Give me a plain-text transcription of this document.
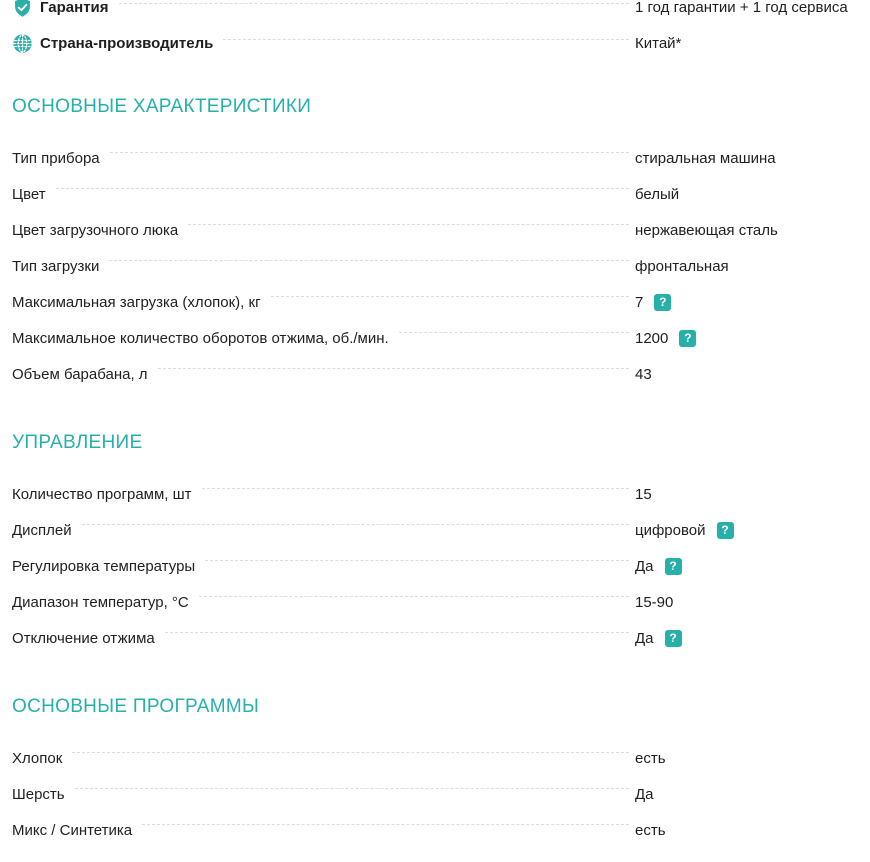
Гарантия	1 год гарантии + 1 год сервиса
Страна-производитель	Китай*
ОСНОВНЫЕ ХАРАКТЕРИСТИКИ
Тип прибора	стиральная машина
Цвет	белый
Цвет загрузочного люка	нержавеющая сталь
Тип загрузки	фронтальная
Максимальная загрузка (хлопок), кг	7	?
Максимальное количество оборотов отжима, об./мин.	1200	?
Объем барабана, л	43
УПРАВЛЕНИЕ
Количество программ, шт	15
Дисплей	цифровой	?
Регулировка температуры	Да	?
Диапазон температур, °С	15-90
Отключение отжима	Да	?
ОСНОВНЫЕ ПРОГРАММЫ
Хлопок	есть
Шерсть	Да
Микс / Синтетика	есть
